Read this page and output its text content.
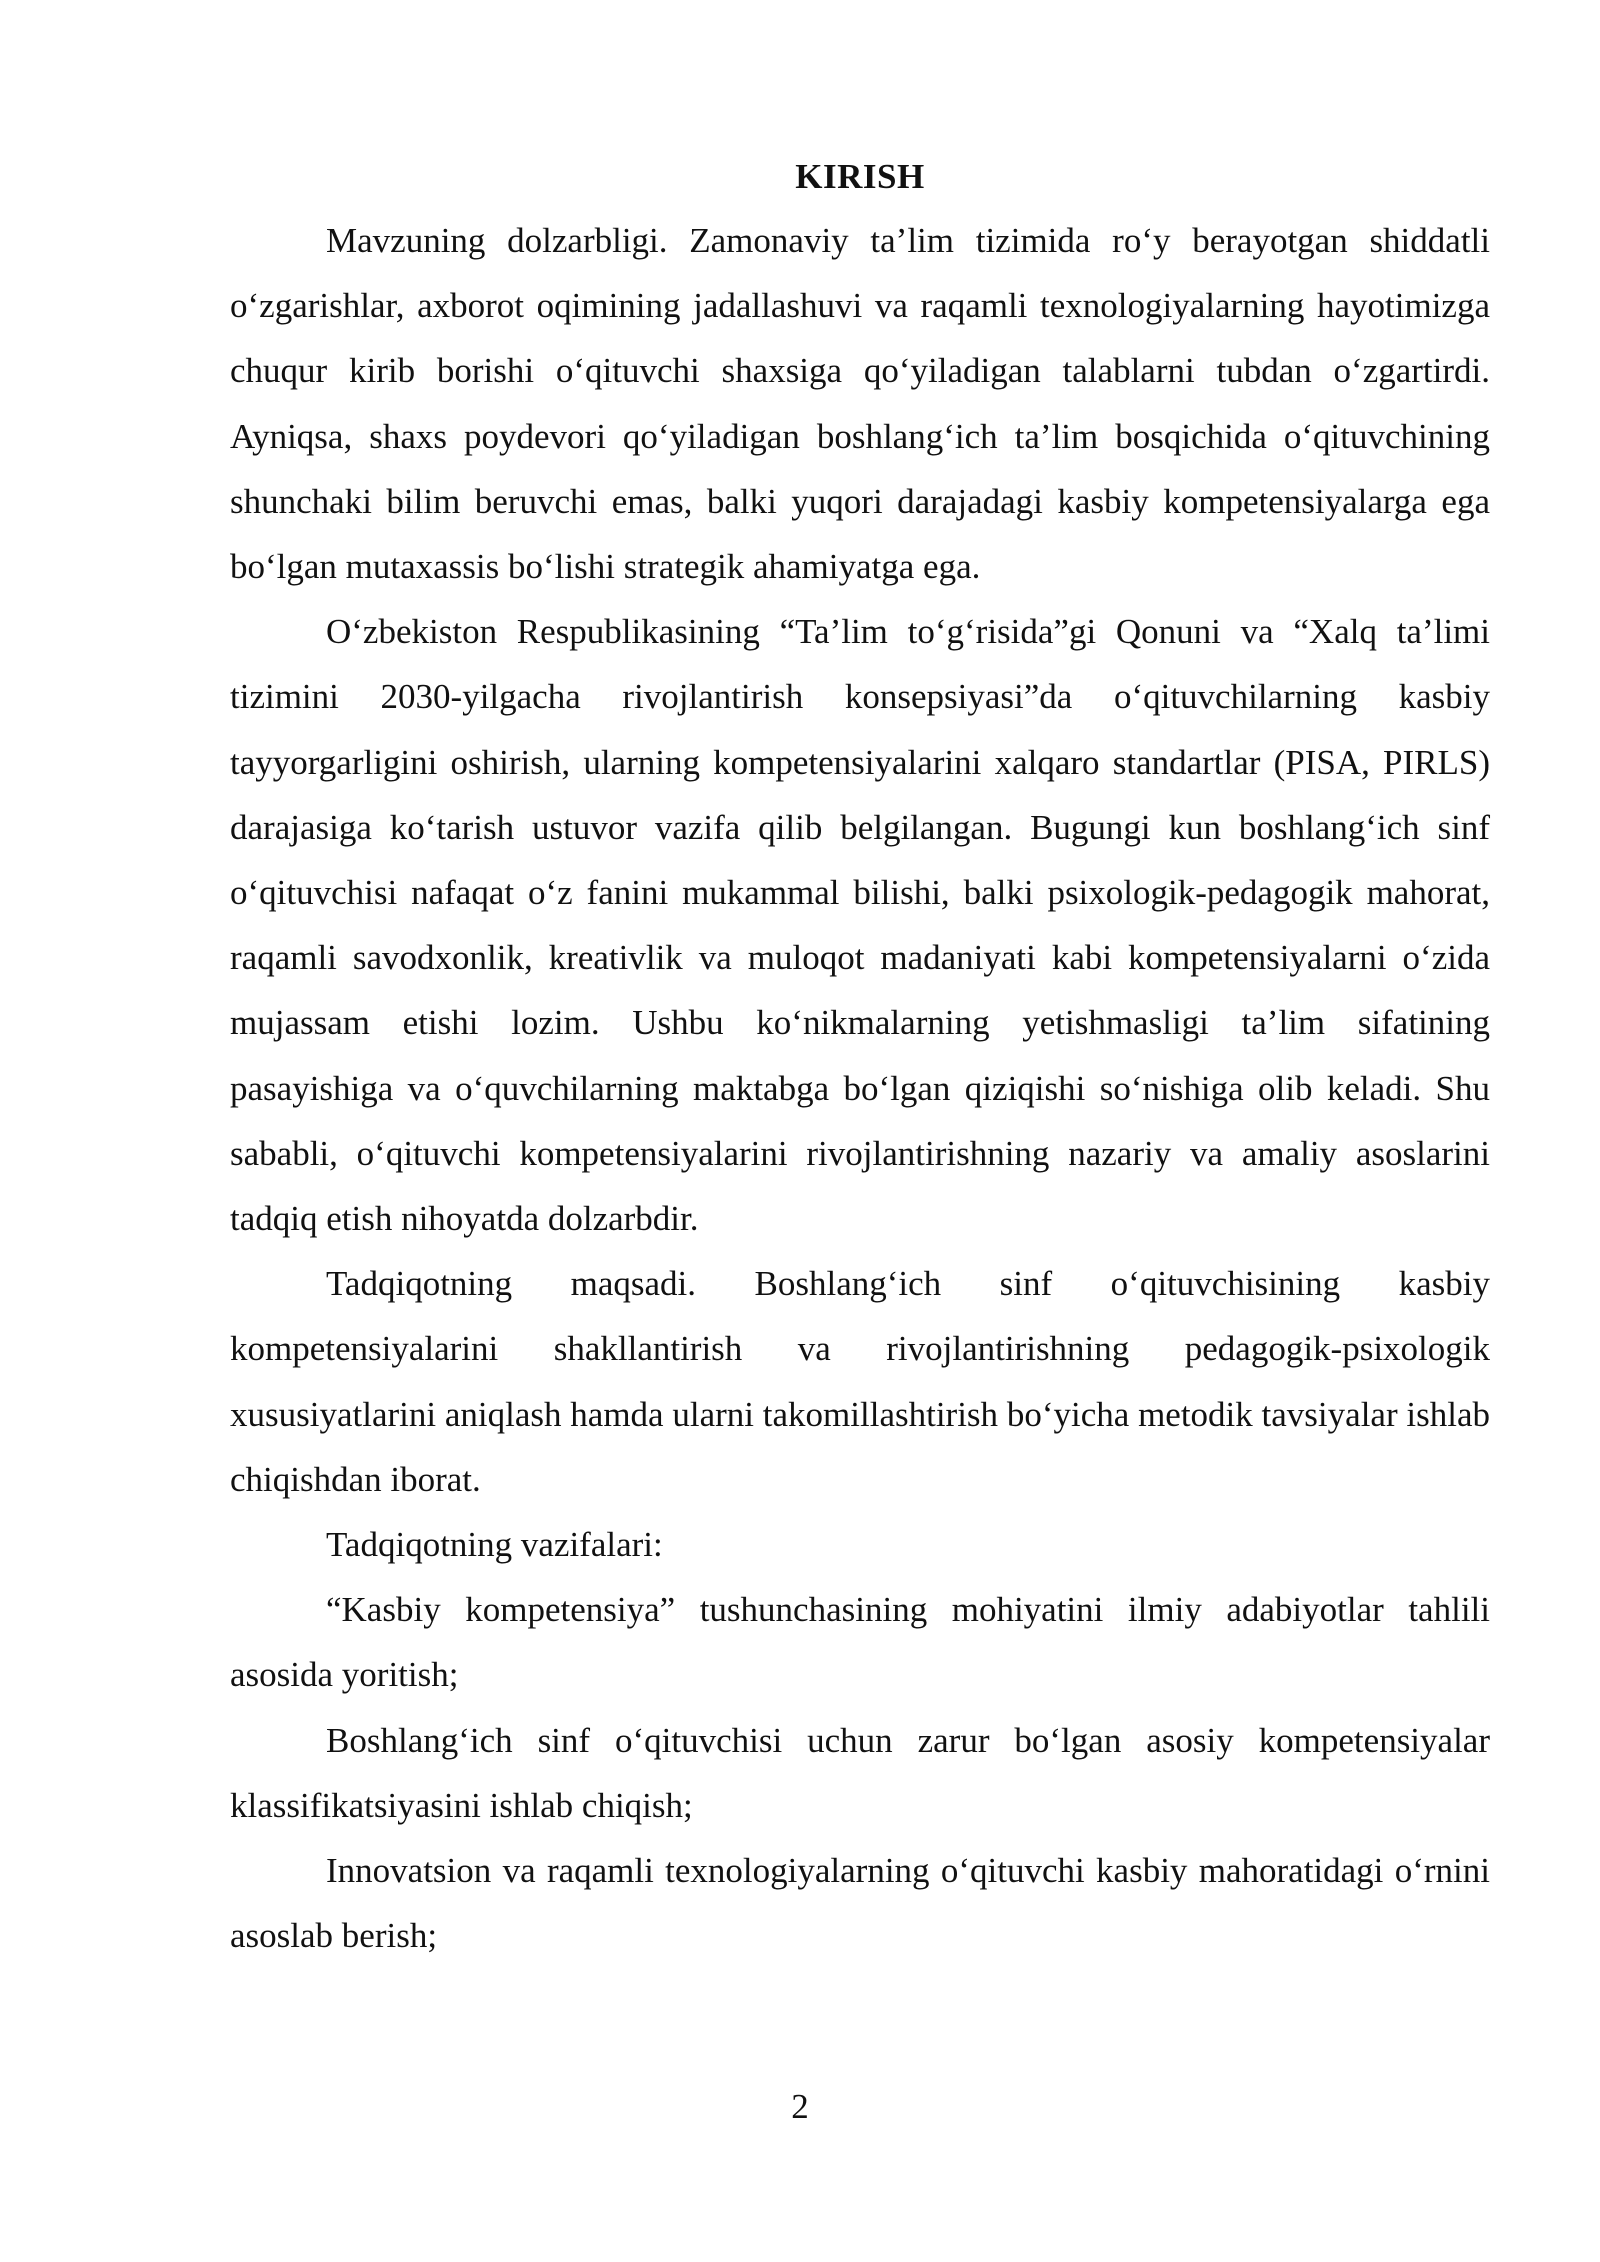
KIRISH

Mavzuning dolzarbligi. Zamonaviy ta’lim tizimida ro‘y berayotgan shiddatli o‘zgarishlar, axborot oqimining jadallashuvi va raqamli texnologiyalarning hayotimizga chuqur kirib borishi o‘qituvchi shaxsiga qo‘yiladigan talablarni tubdan o‘zgartirdi. Ayniqsa, shaxs poydevori qo‘yiladigan boshlang‘ich ta’lim bosqichida o‘qituvchining shunchaki bilim beruvchi emas, balki yuqori darajadagi kasbiy kompetensiyalarga ega bo‘lgan mutaxassis bo‘lishi strategik ahamiyatga ega.

O‘zbekiston Respublikasining “Ta’lim to‘g‘risida”gi Qonuni va “Xalq ta’limi tizimini 2030-yilgacha rivojlantirish konsepsiyasi”da o‘qituvchilarning kasbiy tayyorgarligini oshirish, ularning kompetensiyalarini xalqaro standartlar (PISA, PIRLS) darajasiga ko‘tarish ustuvor vazifa qilib belgilangan. Bugungi kun boshlang‘ich sinf o‘qituvchisi nafaqat o‘z fanini mukammal bilishi, balki psixologik-pedagogik mahorat, raqamli savodxonlik, kreativlik va muloqot madaniyati kabi kompetensiyalarni o‘zida mujassam etishi lozim. Ushbu ko‘nikmalarning yetishmasligi ta’lim sifatining pasayishiga va o‘quvchilarning maktabga bo‘lgan qiziqishi so‘nishiga olib keladi. Shu sababli, o‘qituvchi kompetensiyalarini rivojlantirishning nazariy va amaliy asoslarini tadqiq etish nihoyatda dolzarbdir.

Tadqiqotning maqsadi. Boshlang‘ich sinf o‘qituvchisining kasbiy kompetensiyalarini shakllantirish va rivojlantirishning pedagogik-psixologik xususiyatlarini aniqlash hamda ularni takomillashtirish bo‘yicha metodik tavsiyalar ishlab chiqishdan iborat.

Tadqiqotning vazifalari:

“Kasbiy kompetensiya” tushunchasining mohiyatini ilmiy adabiyotlar tahlili asosida yoritish;

Boshlang‘ich sinf o‘qituvchisi uchun zarur bo‘lgan asosiy kompetensiyalar klassifikatsiyasini ishlab chiqish;

Innovatsion va raqamli texnologiyalarning o‘qituvchi kasbiy mahoratidagi o‘rnini asoslab berish;

2
